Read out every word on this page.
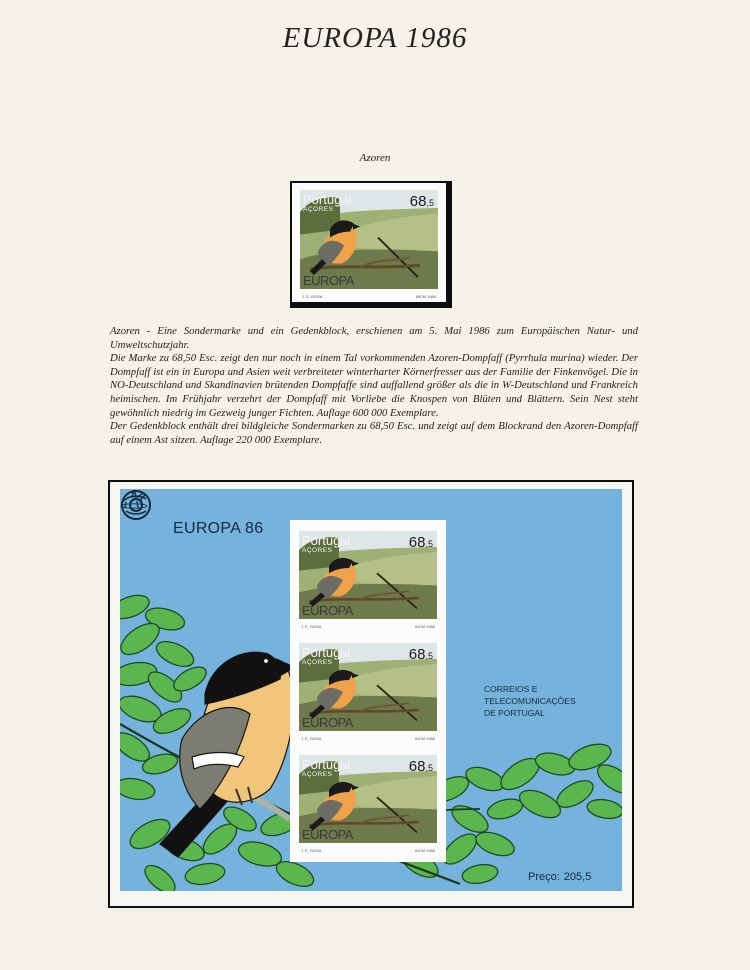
EUROPA 1986
Azoren
Portugal
AÇORES	68,5
EUROPA
J. E. ROSA	INCM 1986

Azoren - Eine Sondermarke und ein Gedenkblock, erschienen am 5. Mai 1986 zum Europäischen Natur- und Umweltschutzjahr.

Die Marke zu 68,50 Esc. zeigt den nur noch in einem Tal vorkommenden Azoren-Dompfaff (Pyrrhula murina) wieder. Der Dompfaff ist ein in Europa und Asien weit verbreiteter winterharter Körnerfresser aus der Familie der Finkenvögel. Die in NO-Deutschland und Skandinavien brütenden Dompfaffe sind auffallend größer als die in W-Deutschland und Frankreich heimischen. Im Frühjahr verzehrt der Dompfaff mit Vorliebe die Knospen von Blüten und Blättern. Sein Nest steht gewöhnlich niedrig im Gezweig junger Fichten. Auflage 600 000 Exemplare.

Der Gedenkblock enthält drei bildgleiche Sondermarken zu 68,50 Esc. und zeigt auf dem Blockrand den Azoren-Dompfaff auf einem Ast sitzen. Auflage 220 000 Exemplare.

EUROPA 86
CORREIOS E TELECOMUNICAÇÕES
DE PORTUGAL
Preço: 205,5
Portugal
AÇORES	68,5
EUROPA
J. E. ROSA	INCM 1986
Portugal
AÇORES	68,5
EUROPA
J. E. ROSA	INCM 1986
Portugal
AÇORES	68,5
EUROPA
J. E. ROSA	INCM 1986
